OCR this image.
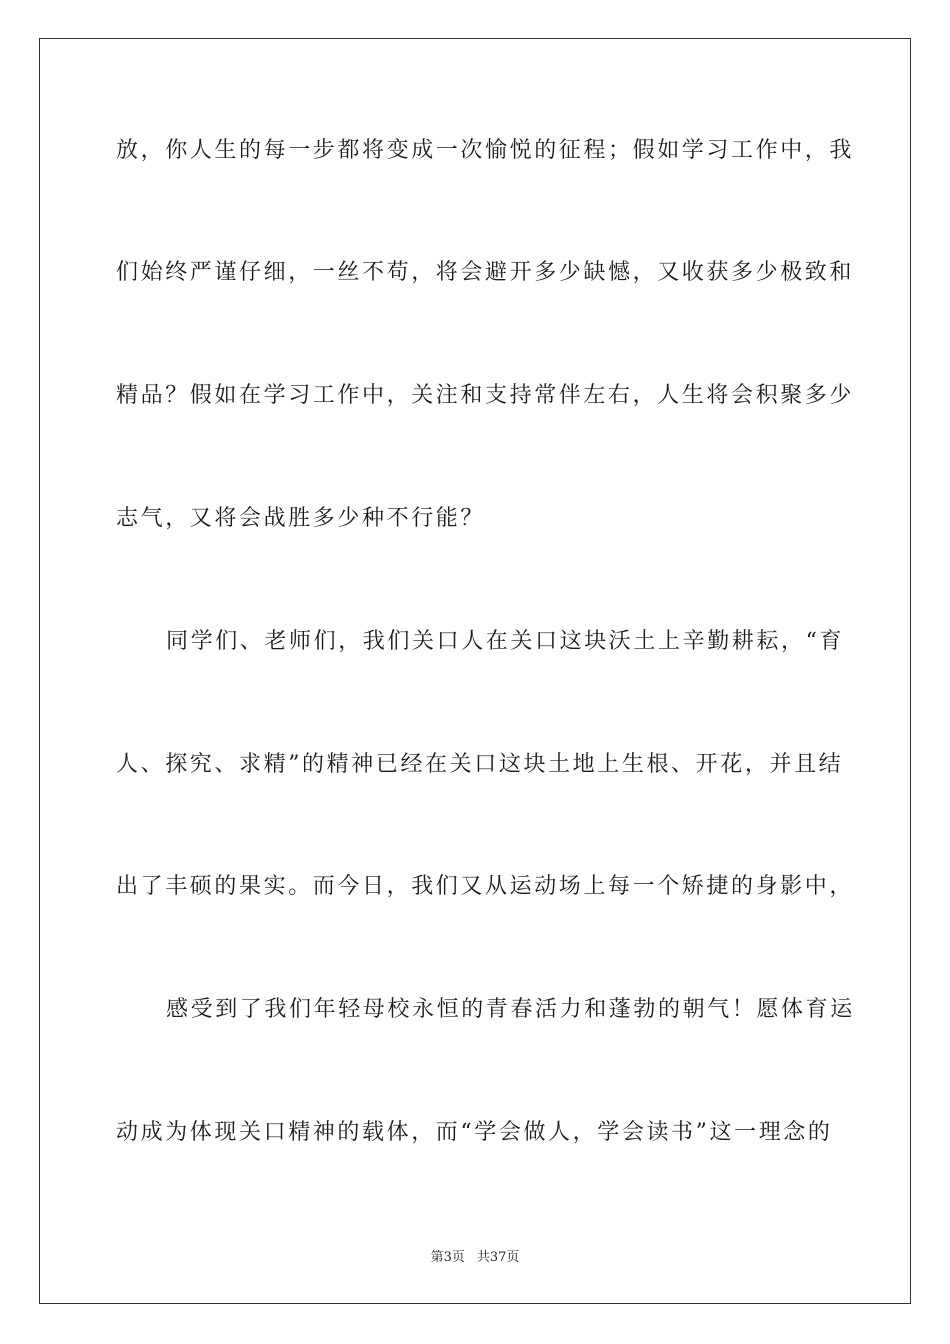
放，你人生的每一步都将变成一次愉悦的征程；假如学习工作中，我
们始终严谨仔细，一丝不苟，将会避开多少缺憾，又收获多少极致和
精品？假如在学习工作中，关注和支持常伴左右，人生将会积聚多少
志气，又将会战胜多少种不行能？
同学们、老师们，我们关口人在关口这块沃土上辛勤耕耘，“育
人、探究、求精”的精神已经在关口这块土地上生根、开花，并且结
出了丰硕的果实。而今日，我们又从运动场上每一个矫捷的身影中，
感受到了我们年轻母校永恒的青春活力和蓬勃的朝气！愿体育运
动成为体现关口精神的载体，而“学会做人，学会读书”这一理念的
第3页 共37页
